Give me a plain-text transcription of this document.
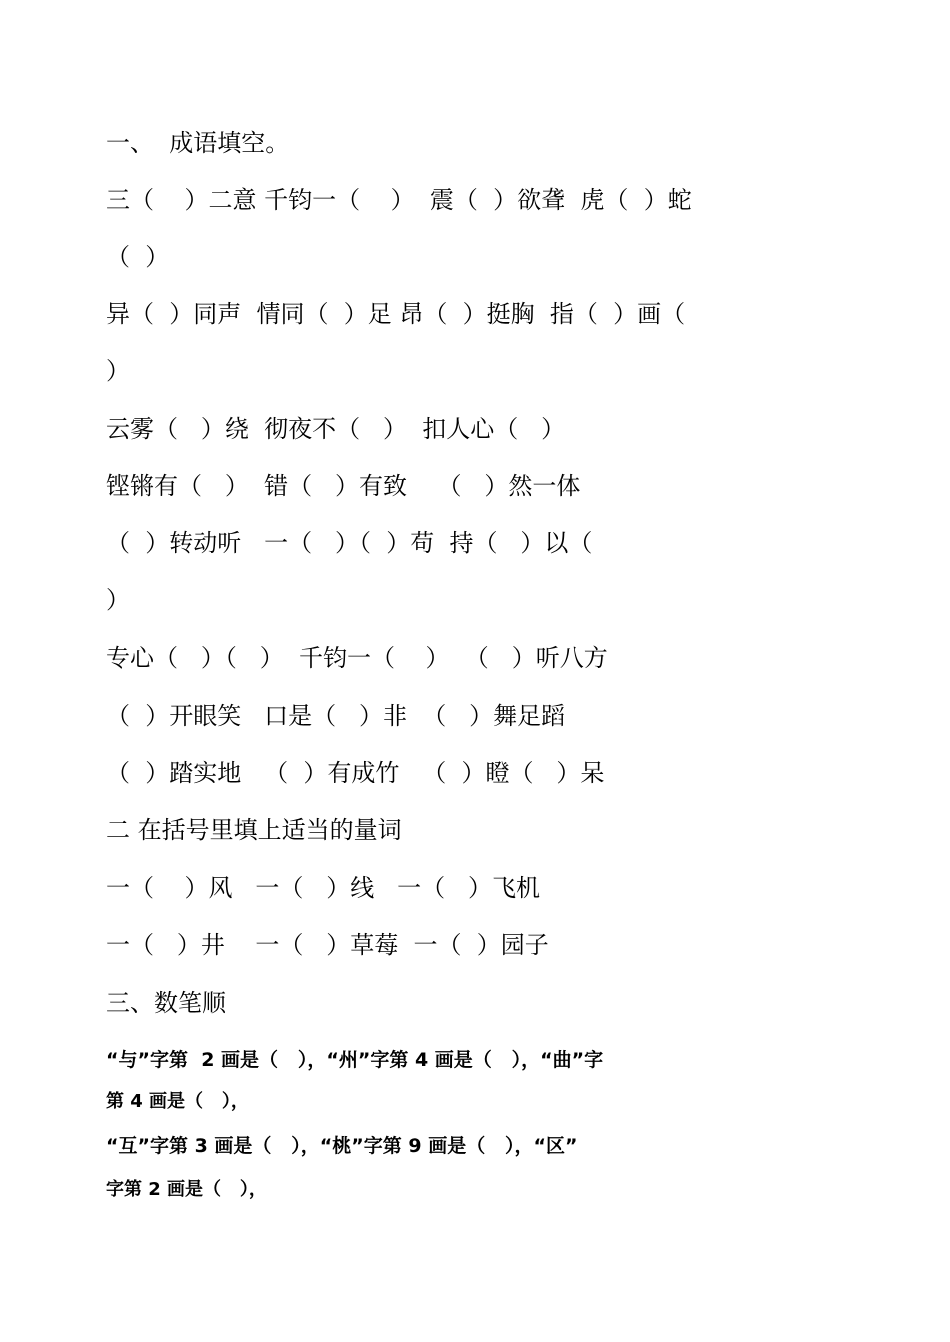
一、  成语填空。

三（    ）二意 千钧一（    ）  震（  ）欲聋  虎（  ）蛇

（  ）

异（  ）同声  情同（  ）足 昂（  ）挺胸  指（  ）画（

）

云雾（   ）绕  彻夜不（   ）  扣人心（   ）

铿锵有（   ）  错（   ）有致    （   ）然一体

（  ）转动听   一（   ）（  ）苟  持（   ）以（

）

专心（   ）（   ）  千钧一（    ）  （   ）听八方

（  ）开眼笑   口是（   ）非  （   ）舞足蹈

（  ）踏实地   （  ）有成竹   （  ）瞪（   ）呆

二 在括号里填上适当的量词

一（    ）风   一（   ）线   一（   ）飞机

一（   ）井    一（   ）草莓  一（  ）园子

三、数笔顺

“与”字第  2 画是（   ），“州”字第 4 画是（   ），“曲”字

第 4 画是（   ），

“互”字第 3 画是（   ），“桃”字第 9 画是（   ），“区”

字第 2 画是（   ），
